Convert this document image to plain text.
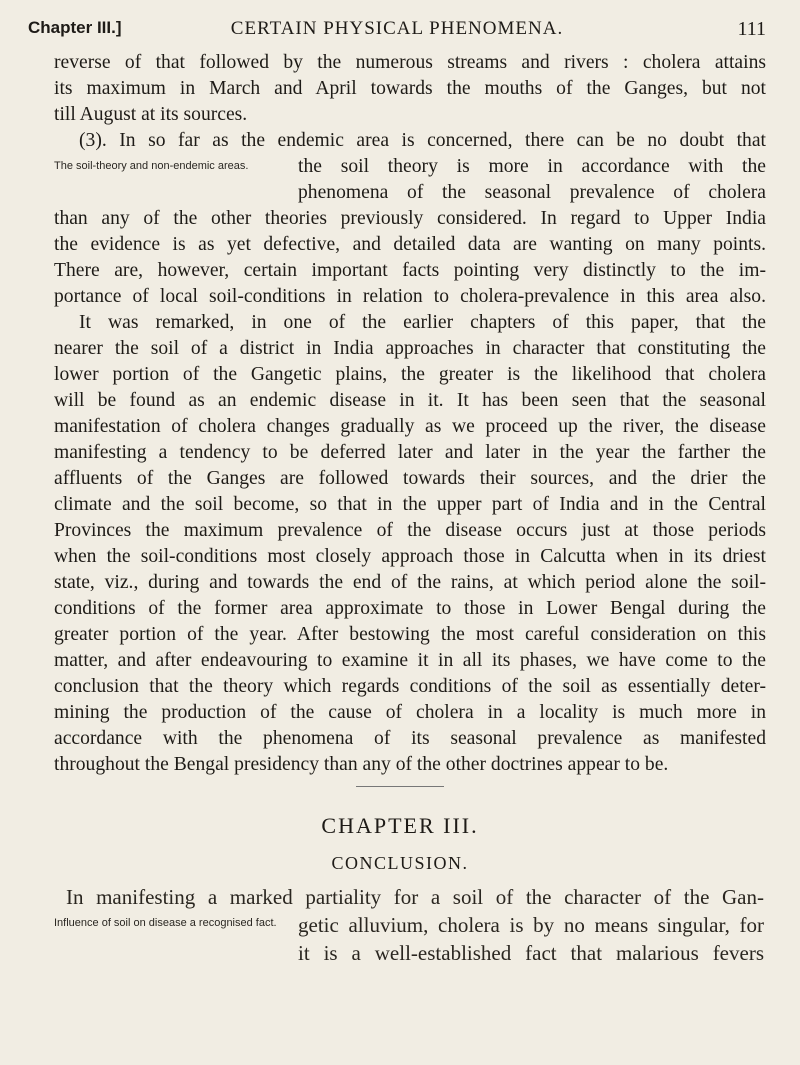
Chapter III.]	CERTAIN PHYSICAL PHENOMENA.	111
reverse of that followed by the numerous streams and rivers : cholera attains
its maximum in March and April towards the mouths of the Ganges, but not
till August at its sources.
(3). In so far as the endemic area is concerned, there can be no doubt that
the soil theory is more in accordance with the
phenomena of the seasonal prevalence of cholera
than any of the other theories previously considered. In regard to Upper India
the evidence is as yet defective, and detailed data are wanting on many points.
There are, however, certain important facts pointing very distinctly to the im-
portance of local soil-conditions in relation to cholera-prevalence in this area also.
It was remarked, in one of the earlier chapters of this paper, that the
nearer the soil of a district in India approaches in character that constituting the
lower portion of the Gangetic plains, the greater is the likelihood that cholera
will be found as an endemic disease in it. It has been seen that the seasonal
manifestation of cholera changes gradually as we proceed up the river, the disease
manifesting a tendency to be deferred later and later in the year the farther the
affluents of the Ganges are followed towards their sources, and the drier the
climate and the soil become, so that in the upper part of India and in the Central
Provinces the maximum prevalence of the disease occurs just at those periods
when the soil-conditions most closely approach those in Calcutta when in its driest
state, viz., during and towards the end of the rains, at which period alone the soil-
conditions of the former area approximate to those in Lower Bengal during the
greater portion of the year. After bestowing the most careful consideration on this
matter, and after endeavouring to examine it in all its phases, we have come to the
conclusion that the theory which regards conditions of the soil as essentially deter-
mining the production of the cause of cholera in a locality is much more in
accordance with the phenomena of its seasonal prevalence as manifested
throughout the Bengal presidency than any of the other doctrines appear to be.
The soil-theory and non-endemic areas.
CHAPTER III.
CONCLUSION.
In manifesting a marked partiality for a soil of the character of the Gan-
getic alluvium, cholera is by no means singular, for
it is a well-established fact that malarious fevers
Influence of soil on disease a recognised fact.
